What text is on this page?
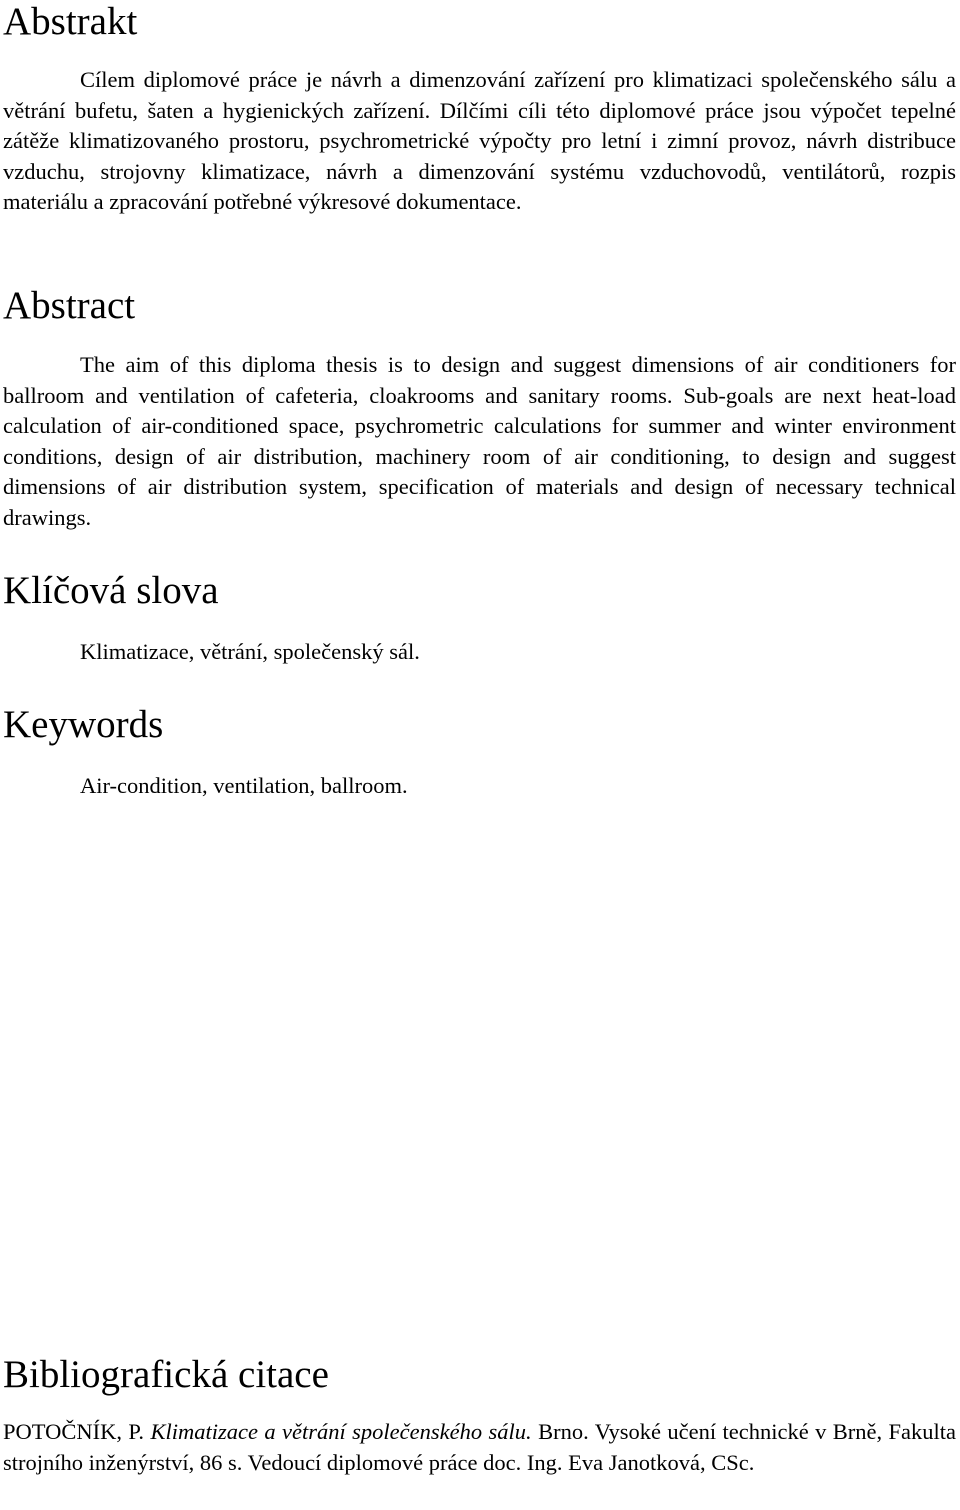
Abstrakt

Cílem diplomové práce je návrh a dimenzování zařízení pro klimatizaci společenského sálu a větrání bufetu, šaten a hygienických zařízení. Dílčími cíli této diplomové práce jsou výpočet tepelné zátěže klimatizovaného prostoru, psychrometrické výpočty pro letní i zimní provoz, návrh distribuce vzduchu, strojovny klimatizace, návrh a dimenzování systému vzduchovodů, ventilátorů, rozpis materiálu a zpracování potřebné výkresové dokumentace.

Abstract

The aim of this diploma thesis is to design and suggest dimensions of air conditioners for ballroom and ventilation of cafeteria, cloakrooms and sanitary rooms. Sub-goals are next heat-load calculation of air-conditioned space, psychrometric calculations for summer and winter environment conditions, design of air distribution, machinery room of air conditioning, to design and suggest dimensions of air distribution system, specification of materials and design of necessary technical drawings.

Klíčová slova

Klimatizace, větrání, společenský sál.

Keywords

Air-condition, ventilation, ballroom.

Bibliografická citace

POTOČNÍK, P. Klimatizace a větrání společenského sálu. Brno. Vysoké učení technické v Brně, Fakulta strojního inženýrství, 86 s. Vedoucí diplomové práce doc. Ing. Eva Janotková, CSc.
